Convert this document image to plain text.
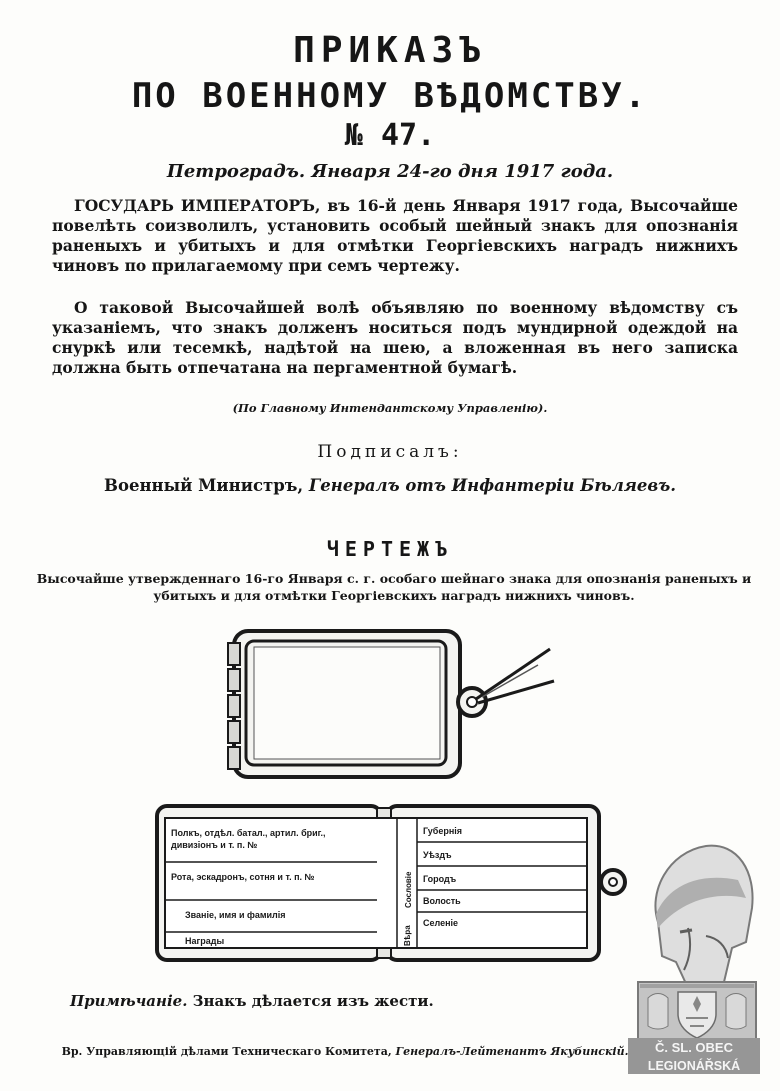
ПРИКАЗЪ
ПО ВОЕННОМУ ВѢДОМСТВУ.
№ 47.
Петроградъ. Января 24-го дня 1917 года.
ГОСУДАРЬ ИМПЕРАТОРЪ, въ 16-й день Января 1917 года, Высочайше повелѣть соизволилъ, установить особый шейный знакъ для опознанія раненыхъ и убитыхъ и для отмѣтки Георгіевскихъ наградъ нижнихъ чиновъ по прилагаемому при семъ чертежу.
О таковой Высочайшей волѣ объявляю по военному вѣдомству съ указаніемъ, что знакъ долженъ носиться подъ мундирной одеждой на снуркѣ или тесемкѣ, надѣтой на шею, а вложенная въ него записка должна быть отпечатана на пергаментной бумагѣ.
(По Главному Интендантскому Управленію).
Подписалъ:
Военный Министръ, Генералъ отъ Инфантеріи Бѣляевъ.
ЧЕРТЕЖЪ
Высочайше утвержденнаго 16-го Января с. г. особаго шейнаго знака для опознанія раненыхъ и убитыхъ и для отмѣтки Георгіевскихъ наградъ нижнихъ чиновъ.
Полкъ, отдѣл. батал., артил. бриг., дивизіонъ и т. п. №
Рота, эскадронъ, сотня и т. п. №
Званіе, имя и фамилія
Награды	Вѣра
Сословіе
Губернія
Уѣздъ
Городъ
Волость
Селеніе
Примѣчаніе. Знакъ дѣлается изъ жести.
Вр. Управляющій дѣлами Техническаго Комитета, Генералъ-Лейтенантъ Якубинскій.	Č. SL. OBEC
LEGIONÁŘSKÁ
